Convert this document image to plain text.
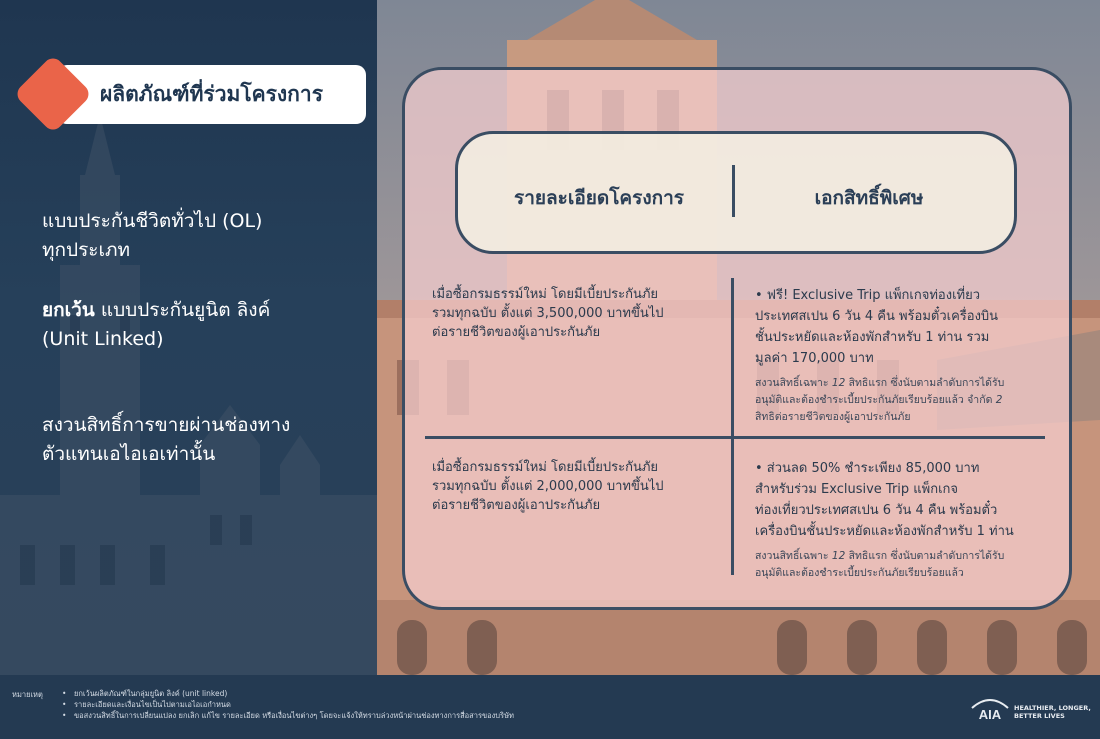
ผลิตภัณฑ์ที่ร่วมโครงการ
แบบประกันชีวิตทั่วไป (OL)
ทุกประเภท
ยกเว้น แบบประกันยูนิต ลิงค์
(Unit Linked)
สงวนสิทธิ์การขายผ่านช่องทาง
ตัวแทนเอไอเอเท่านั้น
รายละเอียดโครงการ	เอกสิทธิ์พิเศษ

เมื่อซื้อกรมธรรม์ใหม่ โดยมีเบี้ยประกันภัย

รวมทุกฉบับ ตั้งแต่ 3,500,000 บาทขึ้นไป

ต่อรายชีวิตของผู้เอาประกันภัย

• ฟรี! Exclusive Trip แพ็กเกจท่องเที่ยว

ประเทศสเปน 6 วัน 4 คืน พร้อมตั๋วเครื่องบิน

ชั้นประหยัดและห้องพักสำหรับ 1 ท่าน รวม

มูลค่า 170,000 บาท

สงวนสิทธิ์เฉพาะ 12 สิทธิแรก ซึ่งนับตามลำดับการได้รับ
อนุมัติและต้องชำระเบี้ยประกันภัยเรียบร้อยแล้ว จำกัด 2
สิทธิต่อรายชีวิตของผู้เอาประกันภัย

เมื่อซื้อกรมธรรม์ใหม่ โดยมีเบี้ยประกันภัย

รวมทุกฉบับ ตั้งแต่ 2,000,000 บาทขึ้นไป

ต่อรายชีวิตของผู้เอาประกันภัย

• ส่วนลด 50% ชำระเพียง 85,000 บาท

สำหรับร่วม Exclusive Trip แพ็กเกจ

ท่องเที่ยวประเทศสเปน 6 วัน 4 คืน พร้อมตั๋ว

เครื่องบินชั้นประหยัดและห้องพักสำหรับ 1 ท่าน

สงวนสิทธิ์เฉพาะ 12 สิทธิแรก ซึ่งนับตามลำดับการได้รับ
อนุมัติและต้องชำระเบี้ยประกันภัยเรียบร้อยแล้ว
หมายเหตุ
•	ยกเว้นผลิตภัณฑ์ในกลุ่มยูนิต ลิงค์ (unit linked)
• รายละเอียดและเงื่อนไขเป็นไปตามเอไอเอกำหนด
• ขอสงวนสิทธิ์ในการเปลี่ยนแปลง ยกเลิก แก้ไข รายละเอียด หรือเงื่อนไขต่างๆ โดยจะแจ้งให้ทราบล่วงหน้าผ่านช่องทางการสื่อสารของบริษัท	AIA HEALTHIER, LONGER,
BETTER LIVES
